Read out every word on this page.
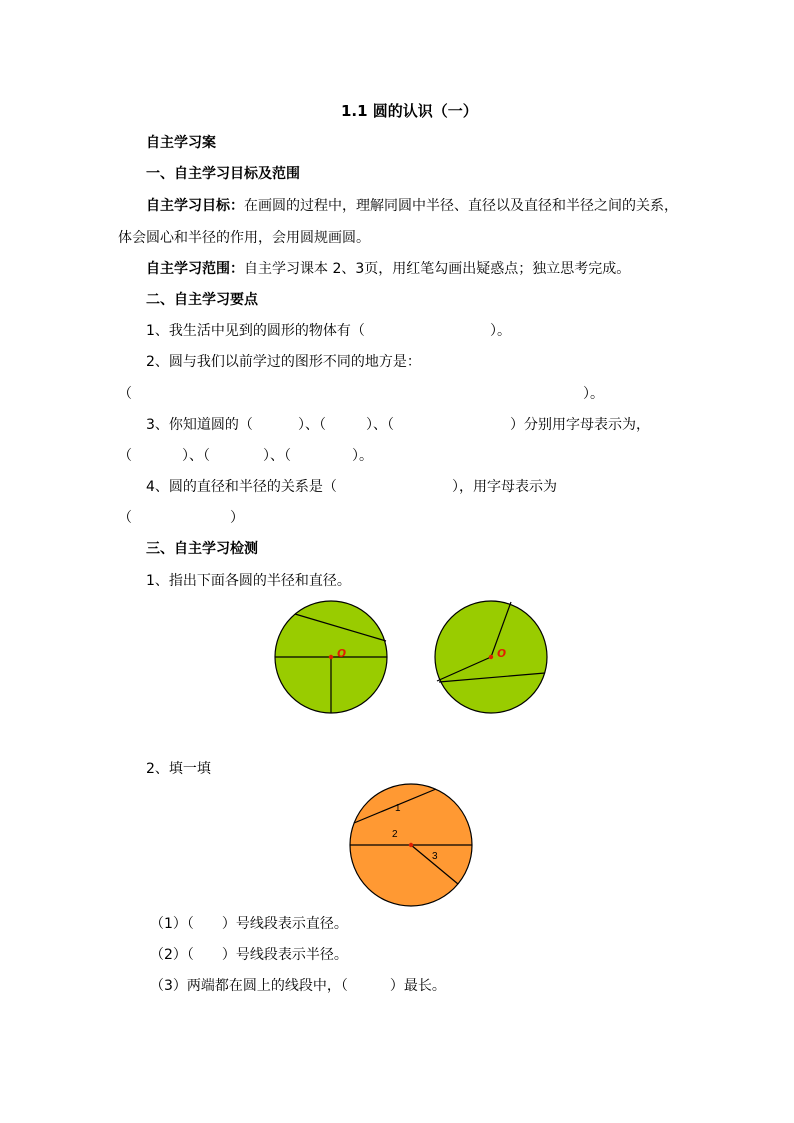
1.1 圆的认识（一）
自主学习案
一、自主学习目标及范围
自主学习目标：在画圆的过程中，理解同圆中半径、直径以及直径和半径之间的关系，
体会圆心和半径的作用，会用圆规画圆。
自主学习范围：自主学习课本 2、3页，用红笔勾画出疑惑点；独立思考完成。
二、自主学习要点
1、我生活中见到的圆形的物体有（	）。
2、圆与我们以前学过的图形不同的地方是：
（	）。
3、你知道圆的（	）、（	）、（	）分别用字母表示为，
（	）、（	）、（	）。
4、圆的直径和半径的关系是（	），用字母表示为
（	）
三、自主学习检测
1、指出下面各圆的半径和直径。
o	o
2、填一填
1
2
3
（1）（　　）号线段表示直径。
（2）（　　）号线段表示半径。
（3）两端都在圆上的线段中，（　　　）最长。
